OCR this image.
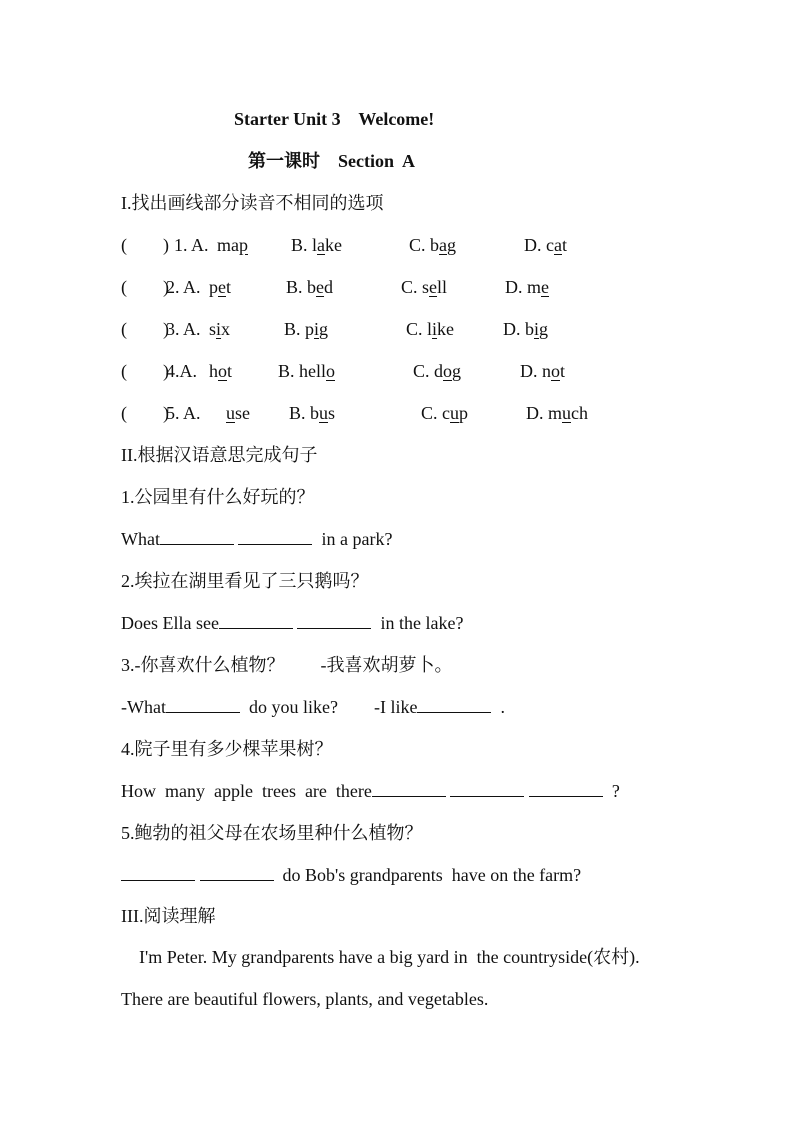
Starter Unit 3    Welcome!
第一课时    Section  A
I.找出画线部分读音不相同的选项
(        ) 1. A. map B. lake	C. bag	D. cat
(        )
2. A. pet	B. bed	C. sell	D. me
(        )
3. A. six	B. pig	C. like	D. big
(        )
4.A. hot	B. hello	C. dog	D. not
(        )
5. A. use B. bus	C. cup	D. much
II.根据汉语意思完成句子
1.公园里有什么好玩的？
What	in a park?
2.埃拉在湖里看见了三只鹅吗？
Does Ella see	in the lake?
3.-你喜欢什么植物？        -我喜欢胡萝卜。
-What	do you like?        -I like	.
4.院子里有多少棵苹果树？
How  many  apple  trees  are  there	?
5.鲍勃的祖父母在农场里种什么植物？
do Bob's grandparents  have on the farm?
III.阅读理解
I'm Peter. My grandparents have a big yard in  the countryside(农村).
There are beautiful flowers, plants, and vegetables.
